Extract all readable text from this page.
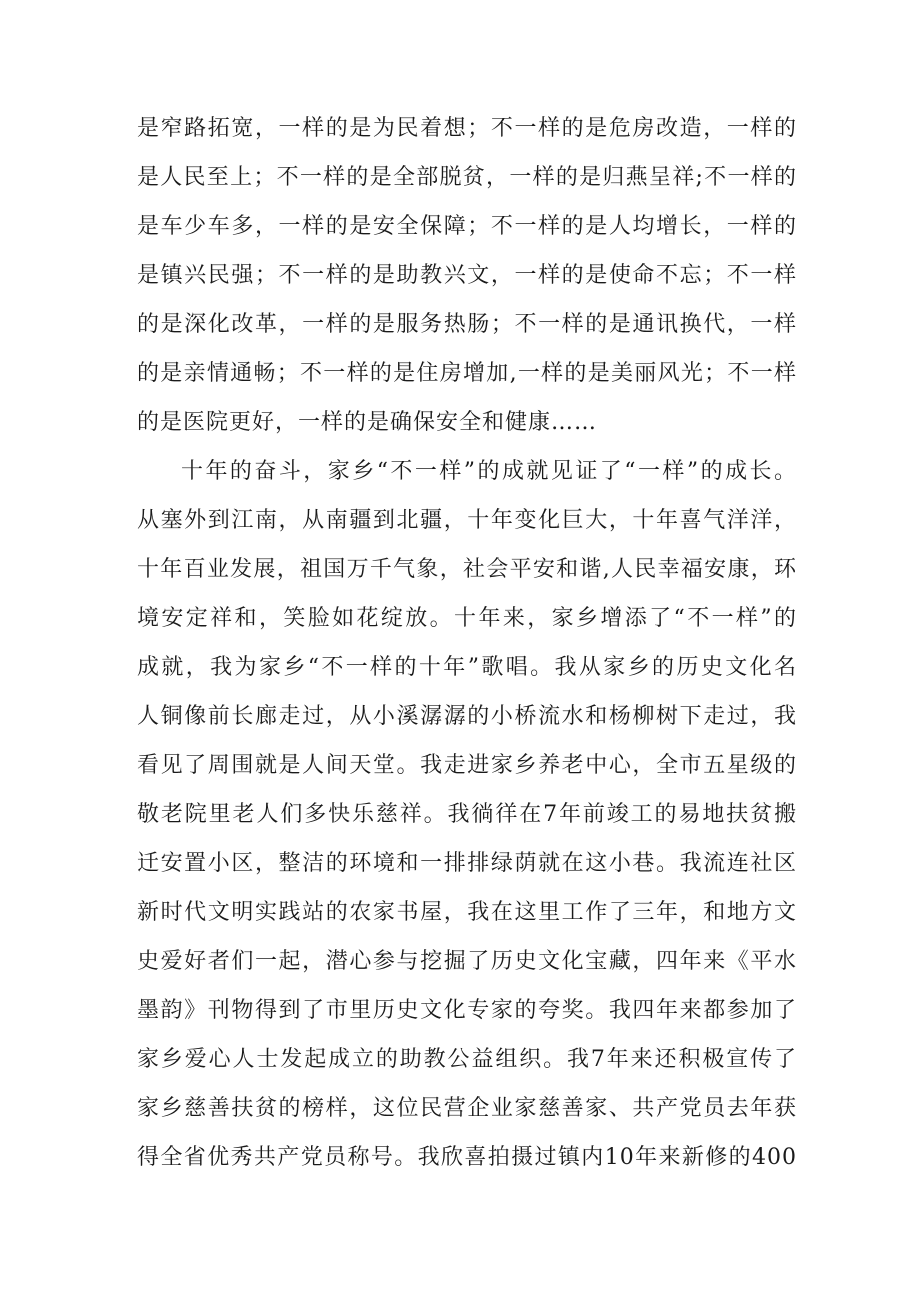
是窄路拓宽，一样的是为民着想；不一样的是危房改造，一样的
是人民至上；不一样的是全部脱贫，一样的是归燕呈祥;不一样的
是车少车多，一样的是安全保障；不一样的是人均增长，一样的
是镇兴民强；不一样的是助教兴文，一样的是使命不忘；不一样
的是深化改革，一样的是服务热肠；不一样的是通讯换代，一样
的是亲情通畅；不一样的是住房增加,一样的是美丽风光；不一样
的是医院更好，一样的是确保安全和健康……
十年的奋斗，家乡“不一样”的成就见证了“一样”的成长。
从塞外到江南，从南疆到北疆，十年变化巨大，十年喜气洋洋，
十年百业发展，祖国万千气象，社会平安和谐,人民幸福安康，环
境安定祥和，笑脸如花绽放。十年来，家乡增添了“不一样”的
成就，我为家乡“不一样的十年”歌唱。我从家乡的历史文化名
人铜像前长廊走过，从小溪潺潺的小桥流水和杨柳树下走过，我
看见了周围就是人间天堂。我走进家乡养老中心，全市五星级的
敬老院里老人们多快乐慈祥。我徜徉在7年前竣工的易地扶贫搬
迁安置小区，整洁的环境和一排排绿荫就在这小巷。我流连社区
新时代文明实践站的农家书屋，我在这里工作了三年，和地方文
史爱好者们一起，潜心参与挖掘了历史文化宝藏，四年来《平水
墨韵》刊物得到了市里历史文化专家的夸奖。我四年来都参加了
家乡爱心人士发起成立的助教公益组织。我7年来还积极宣传了
家乡慈善扶贫的榜样，这位民营企业家慈善家、共产党员去年获
得全省优秀共产党员称号。我欣喜拍摄过镇内10年来新修的400
